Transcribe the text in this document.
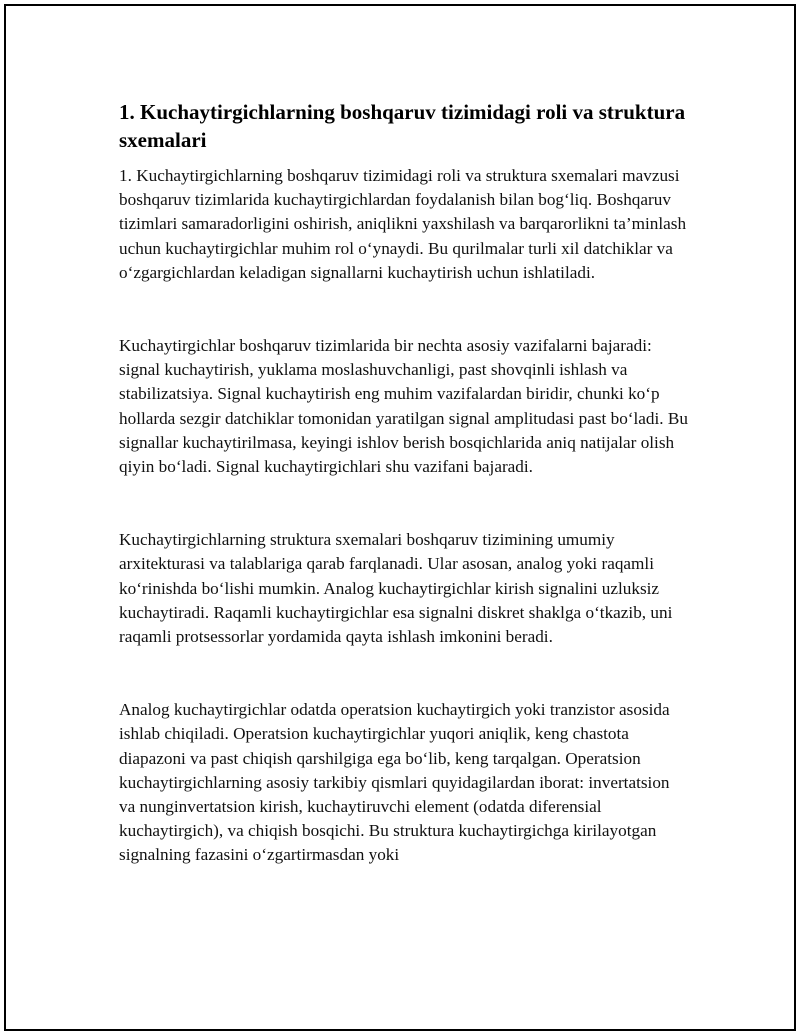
1. Kuchaytirgichlarning boshqaruv tizimidagi roli va struktura sxemalari

1. Kuchaytirgichlarning boshqaruv tizimidagi roli va struktura sxemalari mavzusi boshqaruv tizimlarida kuchaytirgichlardan foydalanish bilan bog‘liq. Boshqaruv tizimlari samaradorligini oshirish, aniqlikni yaxshilash va barqarorlikni ta’minlash uchun kuchaytirgichlar muhim rol o‘ynaydi. Bu qurilmalar turli xil datchiklar va o‘zgargichlardan keladigan signallarni kuchaytirish uchun ishlatiladi.

Kuchaytirgichlar boshqaruv tizimlarida bir nechta asosiy vazifalarni bajaradi: signal kuchaytirish, yuklama moslashuvchanligi, past shovqinli ishlash va stabilizatsiya. Signal kuchaytirish eng muhim vazifalardan biridir, chunki ko‘p hollarda sezgir datchiklar tomonidan yaratilgan signal amplitudasi past bo‘ladi. Bu signallar kuchaytirilmasa, keyingi ishlov berish bosqichlarida aniq natijalar olish qiyin bo‘ladi. Signal kuchaytirgichlari shu vazifani bajaradi.

Kuchaytirgichlarning struktura sxemalari boshqaruv tizimining umumiy arxitekturasi va talablariga qarab farqlanadi. Ular asosan, analog yoki raqamli ko‘rinishda bo‘lishi mumkin. Analog kuchaytirgichlar kirish signalini uzluksiz kuchaytiradi. Raqamli kuchaytirgichlar esa signalni diskret shaklga o‘tkazib, uni raqamli protsessorlar yordamida qayta ishlash imkonini beradi.

Analog kuchaytirgichlar odatda operatsion kuchaytirgich yoki tranzistor asosida ishlab chiqiladi. Operatsion kuchaytirgichlar yuqori aniqlik, keng chastota diapazoni va past chiqish qarshilgiga ega bo‘lib, keng tarqalgan. Operatsion kuchaytirgichlarning asosiy tarkibiy qismlari quyidagilardan iborat: invertatsion va nunginvertatsion kirish, kuchaytiruvchi element (odatda diferensial kuchaytirgich), va chiqish bosqichi. Bu struktura kuchaytirgichga kirilayotgan signalning fazasini o‘zgartirmasdan yoki
